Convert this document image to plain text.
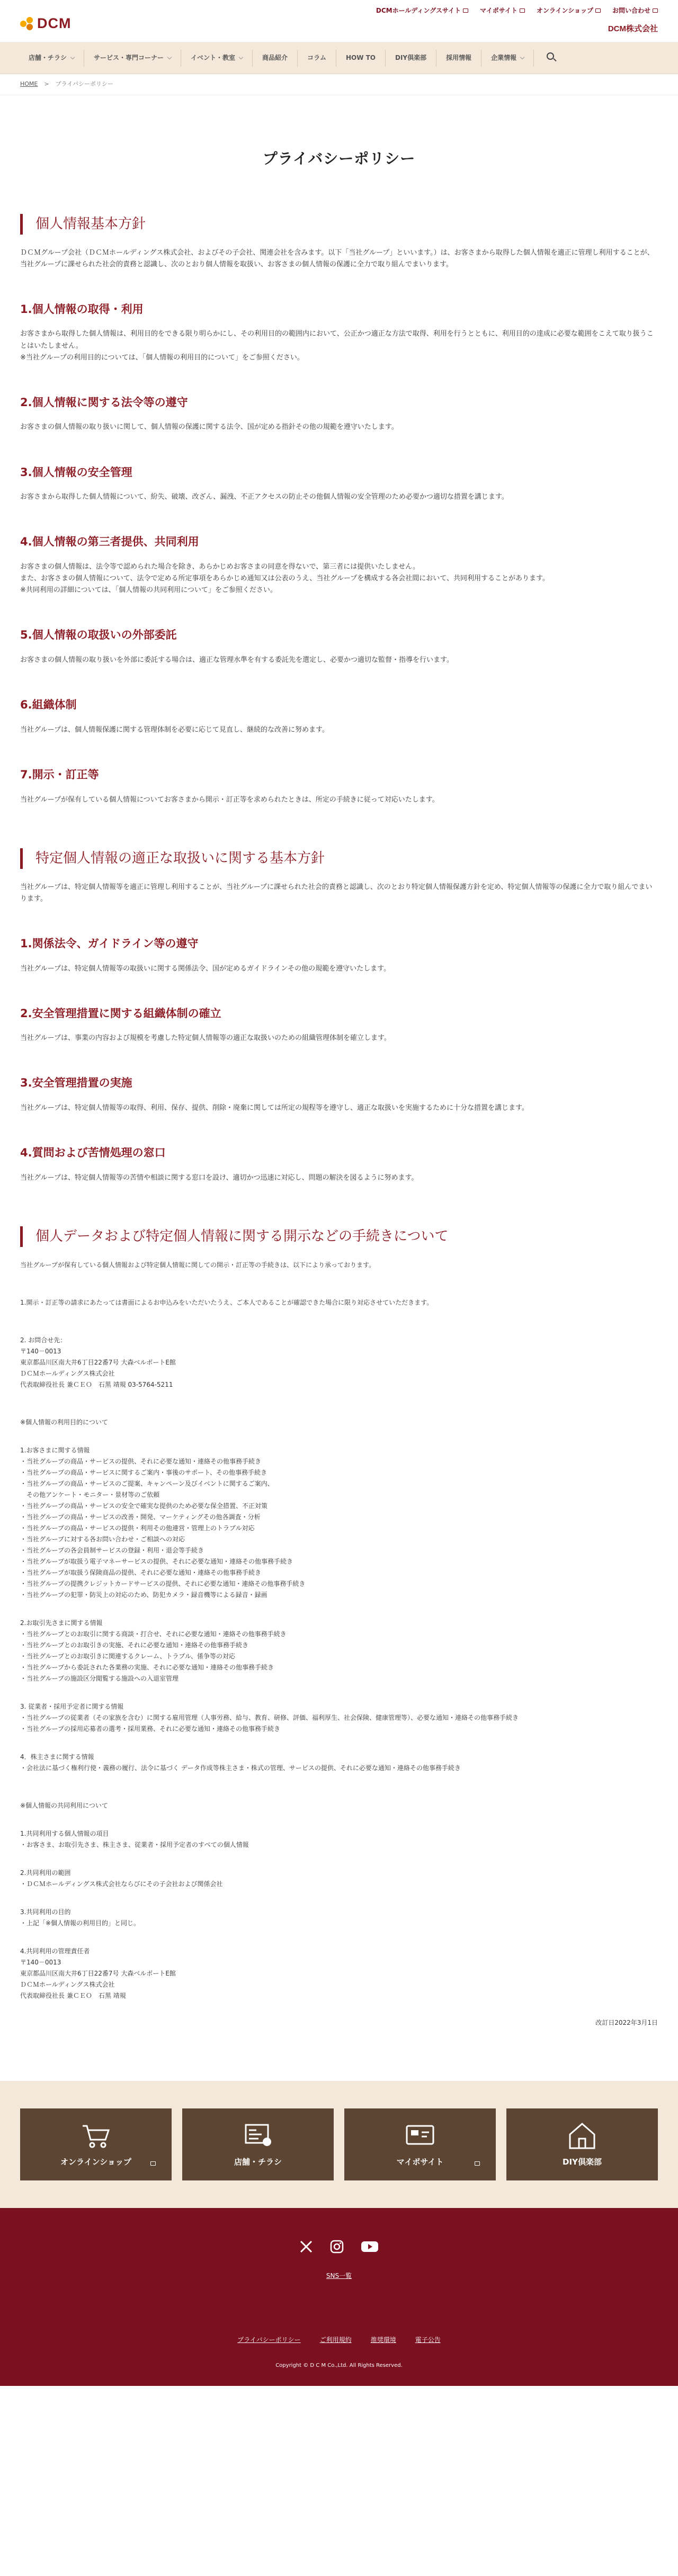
DCM
DCMホールディングスサイト	マイポサイト	オンラインショップ	お問い合わせ
DCM株式会社
店舗・チラシ	サービス・専門コーナー	イベント・教室	商品紹介	コラム	HOW TO	DIY倶楽部	採用情報	企業情報
HOME > プライバシーポリシー
プライバシーポリシー
個人情報基本方針

ＤＣＭグループ会社（ＤＣＭホールディングス株式会社、およびその子会社、関連会社を含みます。以下「当社グループ」といいます。）は、お客さまから取得した個人情報を適正に管理し利用することが、当社グループに課せられた社会的責務と認識し、次のとおり個人情報を取扱い、お客さまの個人情報の保護に全力で取り組んでまいります。

1.個人情報の取得・利用

お客さまから取得した個人情報は、利用目的をできる限り明らかにし、その利用目的の範囲内において、公正かつ適正な方法で取得、利用を行うとともに、利用目的の達成に必要な範囲をこえて取り扱うことはいたしません。
※当社グループの利用目的については、「個人情報の利用目的について」をご参照ください。

2.個人情報に関する法令等の遵守

お客さまの個人情報の取り扱いに関して、個人情報の保護に関する法令、国が定める指針その他の規範を遵守いたします。

3.個人情報の安全管理

お客さまから取得した個人情報について、紛失、破壊、改ざん、漏洩、不正アクセスの防止その他個人情報の安全管理のため必要かつ適切な措置を講じます。

4.個人情報の第三者提供、共同利用

お客さまの個人情報は、法令等で認められた場合を除き、あらかじめお客さまの同意を得ないで、第三者には提供いたしません。
また、お客さまの個人情報について、法令で定める所定事項をあらかじめ通知又は公表のうえ、当社グループを構成する各会社間において、共同利用することがあります。
※共同利用の詳細については、「個人情報の共同利用について」をご参照ください。

5.個人情報の取扱いの外部委託

お客さまの個人情報の取り扱いを外部に委託する場合は、適正な管理水準を有する委託先を選定し、必要かつ適切な監督・指導を行います。

6.組織体制

当社グループは、個人情報保護に関する管理体制を必要に応じて見直し、継続的な改善に努めます。

7.開示・訂正等

当社グループが保有している個人情報についてお客さまから開示・訂正等を求められたときは、所定の手続きに従って対応いたします。

特定個人情報の適正な取扱いに関する基本方針

当社グループは、特定個人情報等を適正に管理し利用することが、当社グループに課せられた社会的責務と認識し、次のとおり特定個人情報保護方針を定め、特定個人情報等の保護に全力で取り組んでまいります。

1.関係法令、ガイドライン等の遵守

当社グループは、特定個人情報等の取扱いに関する関係法令、国が定めるガイドラインその他の規範を遵守いたします。

2.安全管理措置に関する組織体制の確立

当社グループは、事業の内容および規模を考慮した特定個人情報等の適正な取扱いのための組織管理体制を確立します。

3.安全管理措置の実施

当社グループは、特定個人情報等の取得、利用、保存、提供、削除・廃棄に関しては所定の規程等を遵守し、適正な取扱いを実施するために十分な措置を講じます。

4.質問および苦情処理の窓口

当社グループは、特定個人情報等の苦情や相談に関する窓口を設け、適切かつ迅速に対応し、問題の解決を図るように努めます。

個人データおよび特定個人情報に関する開示などの手続きについて

当社グループが保有している個人情報および特定個人情報に関しての開示・訂正等の手続きは、以下により承っております。

1.開示・訂正等の請求にあたっては書面によるお申込みをいただいたうえ、ご本人であることが確認できた場合に限り対応させていただきます。
2. お問合せ先：
〒140－0013
東京都品川区南大井6丁目22番7号 大森ベルポートE館
ＤＣＭホールディングス株式会社
代表取締役社長 兼ＣＥＯ　石黒 靖規 03-5764-5211
※個人情報の利用目的について
1.お客さまに関する情報
・当社グループの商品・サービスの提供、それに必要な通知・連絡その他事務手続き
・当社グループの商品・サービスに関するご案内・事後のサポート、その他事務手続き
・当社グループの商品・サービスのご提案、キャンペーン及びイベントに関するご案内、
　その他アンケート・モニター・景材等のご依頼
・当社グループの商品・サービスの安全で確実な提供のため必要な保全措置、不正対策
・当社グループの商品・サービスの改善・開発、マーケティングその他各調査・分析
・当社グループの商品・サービスの提供・利用その他連営・管理上のトラブル対応
・当社グループに対する各お問い合わせ・ご相談への対応
・当社グループの各会員制サービスの登録・利用・退会等手続き
・当社グループが取扱う電子マネーサービスの提供、それに必要な通知・連絡その他事務手続き
・当社グループが取扱う保険商品の提供、それに必要な通知・連絡その他事務手続き
・当社グループの提携クレジットカードサービスの提供、それに必要な通知・連絡その他事務手続き
・当社グループの犯罪・防災上の対応のため、防犯カメラ・録音機等による録音・録画
2.お取引先さまに関する情報
・当社グループとのお取引に関する商談・打合せ、それに必要な通知・連絡その他事務手続き
・当社グループとのお取引きの実施、それに必要な通知・連絡その他事務手続き
・当社グループとのお取引きに関連するクレーム、トラブル、係争等の対応
・当社グループから委託された各業務の実施、それに必要な通知・連絡その他事務手続き
・当社グループの施設区分閲覧する施設への入退室管理
3. 従業者・採用予定者に関する情報
・当社グループの従業者（その家族を含む）に関する雇用管理（人事労務、給与、教育、研修、評価、福利厚生、社会保険、健康管理等）、必要な通知・連絡その他事務手続き
・当社グループの採用応募者の選考・採用業務、それに必要な通知・連絡その他事務手続き
4．株主さまに関する情報
・会社法に基づく権利行使・義務の履行、法令に基づく データ作成等株主さま・株式の管理、サービスの提供、それに必要な通知・連絡その他事務手続き
※個人情報の共同利用について
1.共同利用する個人情報の項目
・お客さま、お取引先さま、株主さま、従業者・採用予定者のすべての個人情報
2.共同利用の範囲
・ＤＣＭホールディングス株式会社ならびにその子会社および関係会社
3.共同利用の目的
・上記「※個人情報の利用目的」と同じ。
4.共同利用の管理責任者
〒140－0013
東京都品川区南大井6丁目22番7号 大森ベルポートE館
ＤＣＭホールディングス株式会社
代表取締役社長 兼ＣＥＯ　石黒 靖規
改訂日2022年3月1日
オンラインショップ	店舗・チラシ	マイポサイト	DIY倶楽部
SNS一覧
プライバシーポリシー	ご利用規約	推奨環境	電子公告
Copyright © D C M Co.,Ltd. All Rights Reserved.
